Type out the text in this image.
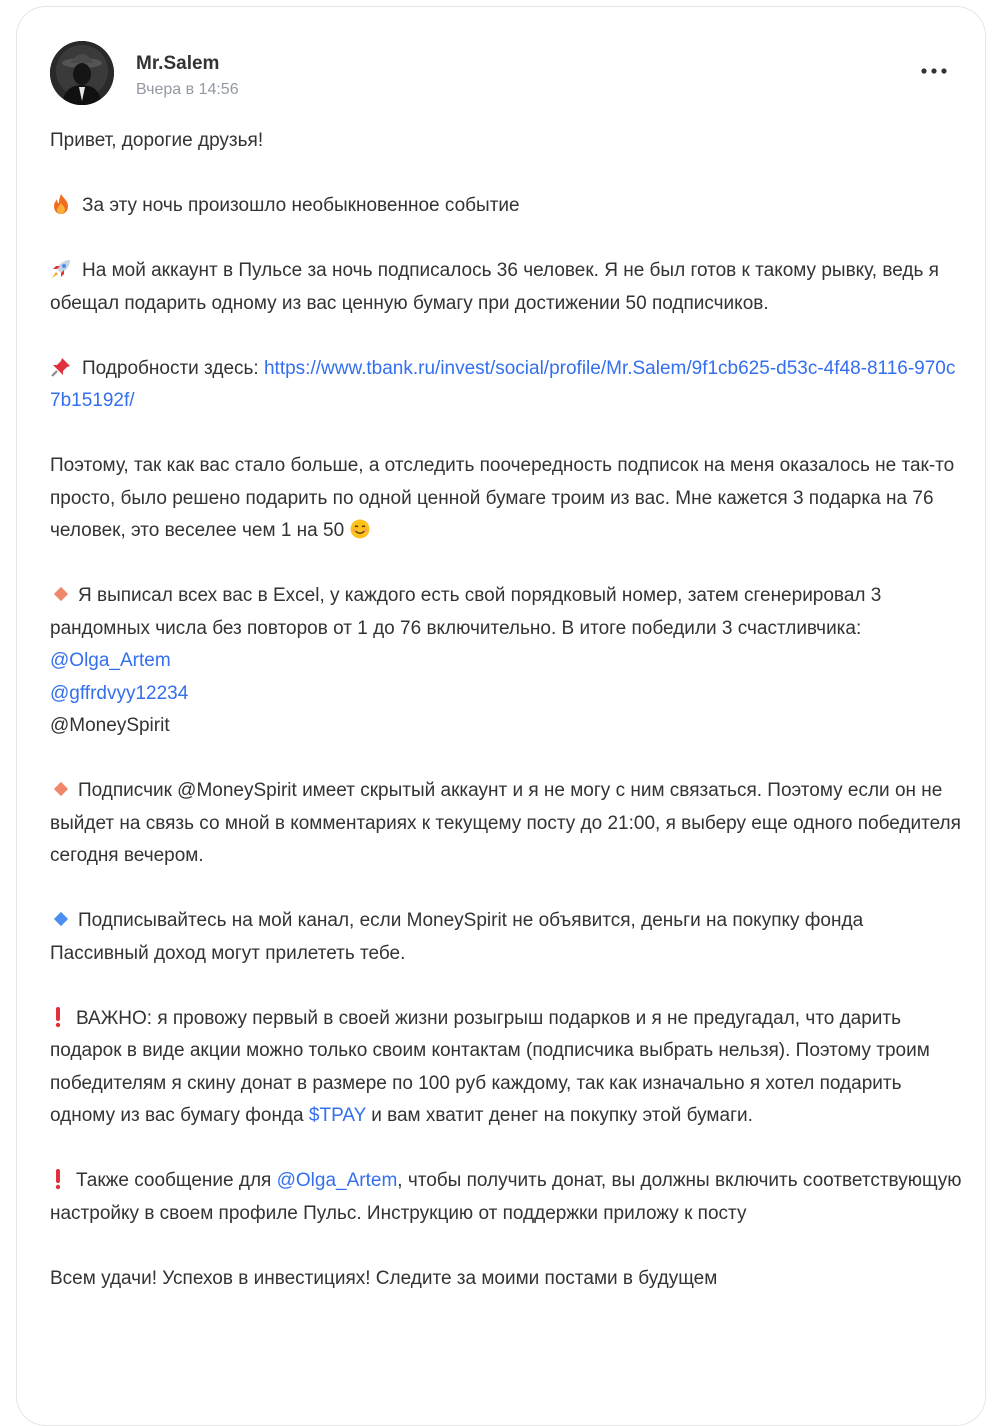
Mr.Salem
Вчера в 14:56

Привет, дорогие друзья!

За эту ночь произошло необыкновенное событие

На мой аккаунт в Пульсе за ночь подписалось 36 человек. Я не был готов к такому рывку, ведь я обещал подарить одному из вас ценную бумагу при достижении 50 подписчиков.

Подробности здесь: https://www.tbank.ru/invest/social/profile/Mr.Salem/9f1cb625-d53c-4f48-8116-970c7b15192f/

Поэтому, так как вас стало больше, а отследить поочередность подписок на меня оказалось не так-то просто, было решено подарить по одной ценной бумаге троим из вас. Мне кажется 3 подарка на 76 человек, это веселее чем 1 на 50

Я выписал всех вас в Excel, у каждого есть свой порядковый номер, затем сгенерировал 3 рандомных числа без повторов от 1 до 76 включительно. В итоге победили 3 счастливчика:
@Olga_Artem
@gffrdvyy12234
@MoneySpirit

Подписчик @MoneySpirit имеет скрытый аккаунт и я не могу с ним связаться. Поэтому если он не выйдет на связь со мной в комментариях к текущему посту до 21:00, я выберу еще одного победителя сегодня вечером.

Подписывайтесь на мой канал, если MoneySpirit не объявится, деньги на покупку фонда Пассивный доход могут прилететь тебе.

ВАЖНО: я провожу первый в своей жизни розыгрыш подарков и я не предугадал, что дарить подарок в виде акции можно только своим контактам (подписчика выбрать нельзя). Поэтому троим победителям я скину донат в размере по 100 руб каждому, так как изначально я хотел подарить одному из вас бумагу фонда $TPAY и вам хватит денег на покупку этой бумаги.

Также сообщение для @Olga_Artem, чтобы получить донат, вы должны включить соответствующую настройку в своем профиле Пульс. Инструкцию от поддержки приложу к посту

Всем удачи! Успехов в инвестициях! Следите за моими постами в будущем
